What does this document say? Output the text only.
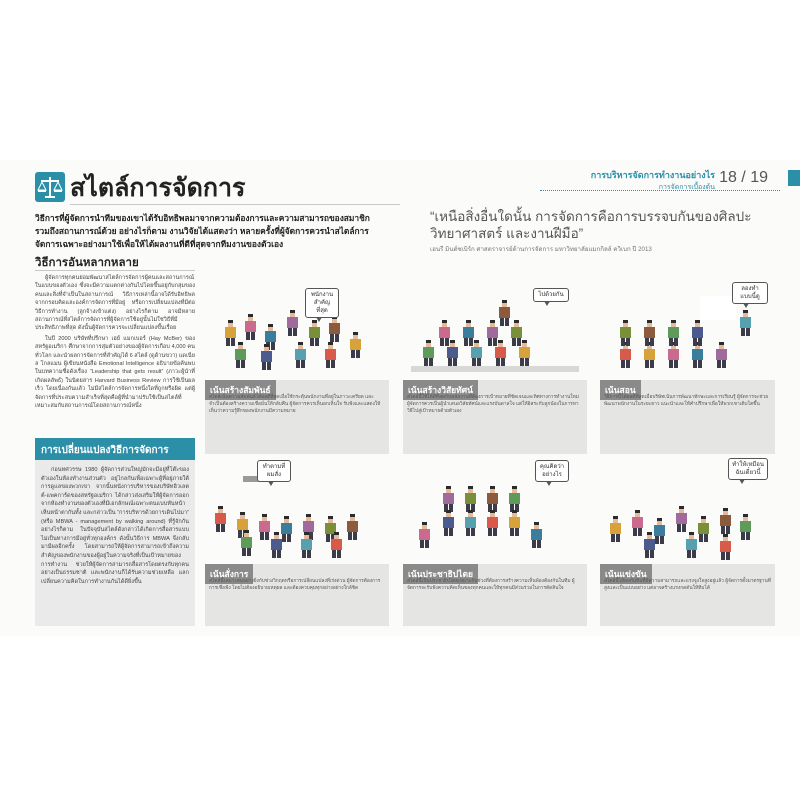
สไตล์การจัดการ	การบริหารจัดการทำงานอย่างไร
การจัดการเบื้องต้น
18 / 19
วิธีการที่ผู้จัดการนำทีมของเขาได้รับอิทธิพลมาจากความต้องการและความสามารถของสมาชิก รวมถึงสถานการณ์ด้วย อย่างไรก็ตาม งานวิจัยได้แสดงว่า หลายครั้งที่ผู้จัดการควรนำสไตล์การจัดการเฉพาะอย่างมาใช้เพื่อให้ได้ผลงานที่ดีที่สุดจากทีมงานของตัวเอง
“เหนือสิ่งอื่นใดนั้น การจัดการคือการบรรจบกันของศิลปะ วิทยาศาสตร์ และงานฝีมือ”
เฮนรี มินต์ซเบิร์ก ศาสตราจารย์ด้านการจัดการ มหาวิทยาลัยแมกกิลล์ ควิเบก ปี 2013
วิธีการอันหลากหลาย

ผู้จัดการทุกคนย่อมพัฒนาสไตล์การจัดการผู้คนและสถานการณ์ในแบบของตัวเอง ซึ่งจะมีความแตกต่างกันไปโดยขึ้นอยู่กับกลุ่มของคนและสิ่งที่จำเป็นในสถานการณ์ วิธีการเหล่านี้อาจได้รับอิทธิพลจากกรอบคิดและองค์การจัดการที่มีอยู่ หรือการเปลี่ยนแปลงที่มีต่อวิธีการทำงาน (ลูกจ้างเข้าแต่ง) อย่างไรก็ตาม อาจมีหลายสถานการณ์ที่สไตล์การจัดการที่ผู้จัดการใช้อยู่นั้นไม่ใช่วิธีที่มีประสิทธิภาพที่สุด ดังนั้นผู้จัดการควรจะเปลี่ยนแปลงขึ้นเรื่อย

ในปี 2000 บริษัทที่ปรึกษา เฮย์ แมกเบอร์ (Hay McBer) ของสหรัฐอเมริกา ศึกษาจากการสุ่มตัวอย่างของผู้จัดการเกือบ 4,000 คนทั่วโลก และนำผลการจัดการที่สำคัญได้ 6 สไตล์ (ดูด้านขวา) แดเนียล โกลแมน ผู้เขียนหนังสือ Emotional Intelligence อธิบายข้อค้นพบในบทความชื่อดังเรื่อง “Leadership that gets result” (ภาวะผู้นำที่เกิดผลลัพธ์) ในนิตยสาร Harvard Business Review การใช้เป็นผลเร็ว โดยเนื่องกันแล้ว ไม่มีสไตล์การจัดการหนึ่งใดที่ถูกหรือผิด แต่ผู้จัดการที่ประสบความสำเร็จที่สุดคือผู้ที่นำมาปรับใช้เป็นสไตล์ที่เหมาะสมกับสถานการณ์โดยสถานการณ์หนึ่ง

การเปลี่ยนแปลงวิธีการจัดการ
ก่อนทศวรรษ 1980 ผู้จัดการส่วนใหญ่มักจะมีอยู่ที่โต๊ะของตัวเองในห้องทำงานส่วนตัว อยู่ไกลกันเพื่อเฉพาะผู้ที่อยู่ภายใต้การดูแลของพวกเขา จากนั้นหนังการบริหารของบริษัทฮิวเลตต์-แพคการ์ดของสหรัฐอเมริกา ได้กล่าวส่งเสริมให้ผู้จัดการออกจากห้องทำงานของตัวเองที่มีเอกลักษณ์เฉพาะตนแบบหันหน้าเห็นหน้าตากันทั้ง และกล่าวเป็น “การบริหารด้วยการเดินไปมา” (หรือ MBWA - management by walking around) ที่รู้จักกัน อย่างไรก็ตาม ในปัจจุบันสไตล์ดังกล่าวได้เกิดการสื่อสารแบบไม่เป็นทางการมีอยู่ทั่วทุกองค์กร ดังนั้นวิธีการ MBWA จึงกลับมามีผลอีกครั้ง โดยสามารถให้ผู้จัดการสามารถเข้าถึงความสำคัญของพนักงานของผู้อยู่ในความจริงที่เป็นเป้าหมายของการทำงาน ช่วยให้ผู้จัดการสามารถสื่อสารโดยตรงกับทุกคนอย่างเป็นธรรมชาติ และพนักงานก็ได้รับความช่วยเหลือ แลกเปลี่ยนความคิดในการทำงานกันได้ดียิ่งขึ้น
พนักงานสำคัญที่สุด
เน้นสร้างสัมพันธ์
สไตล์เน้นความสัมพันธ์ได้ผลดีที่สุดเมื่อใช้กระตุ้นพนักงานที่อยู่ในภาวะเครียด และจำเป็นต้องสร้างความเชื่อมั่นให้กลับคืน ผู้จัดการควรเห็นอกเห็นใจ รับฟังและแสดงให้เห็นว่าความรู้สึกของพนักงานมีความหมาย
ไปด้วยกัน
เน้นสร้างวิสัยทัศน์
สไตล์นี้ใช้ได้ดีที่สุดกับพนักงานที่ต้องการเป้าหมายที่ชัดเจนและทิศทางการทำงานใหม่ ผู้จัดการควรเป็นผู้นำเสนอวิสัยทัศน์และแรงบันดาลใจ แต่ให้อิสระกับลูกน้องในการหาวิธีไปสู่เป้าหมายด้วยตัวเอง
ลองทำแบบนี้ดู
เน้นสอน
วิธีการนี้ได้ผลดีที่สุดเมื่อบริษัทเน้นการพัฒนาทักษะและการเรียนรู้ ผู้จัดการจะช่วยพัฒนาพนักงานในระยะยาว แนะนำและให้คำปรึกษาเพื่อให้พวกเขาเติบโตขึ้น
ทำตามที่ผมสั่ง
เน้นสั่งการ
สไตล์นี้เหมาะสมอย่างยิ่งกับช่วงวิกฤตหรือการเปลี่ยนแปลงที่เร่งด่วน ผู้จัดการต้องการการเชื่อฟัง โดยไม่ต้องอธิบายเหตุผล และต้องควบคุมทุกอย่างอย่างใกล้ชิด
คุณคิดว่าอย่างไร
เน้นประชาธิปไตย
สไตล์นี้เป็นประชาธิปไตยเหมาะกับช่วงที่ต้องการสร้างความเห็นพ้องต้องกันในทีม ผู้จัดการจะรับฟังความคิดเห็นของทุกคนและให้ทุกคนมีส่วนร่วมในการตัดสินใจ
ทำให้เหมือนฉันเดี๋ยวนี้
เน้นแข่งขัน
สไตล์นี้ได้ผลกับทีมที่มีความสามารถและแรงจูงใจสูงอยู่แล้ว ผู้จัดการตั้งมาตรฐานที่สูงและเป็นแบบอย่าง แต่อาจสร้างแรงกดดันให้ทีมได้
